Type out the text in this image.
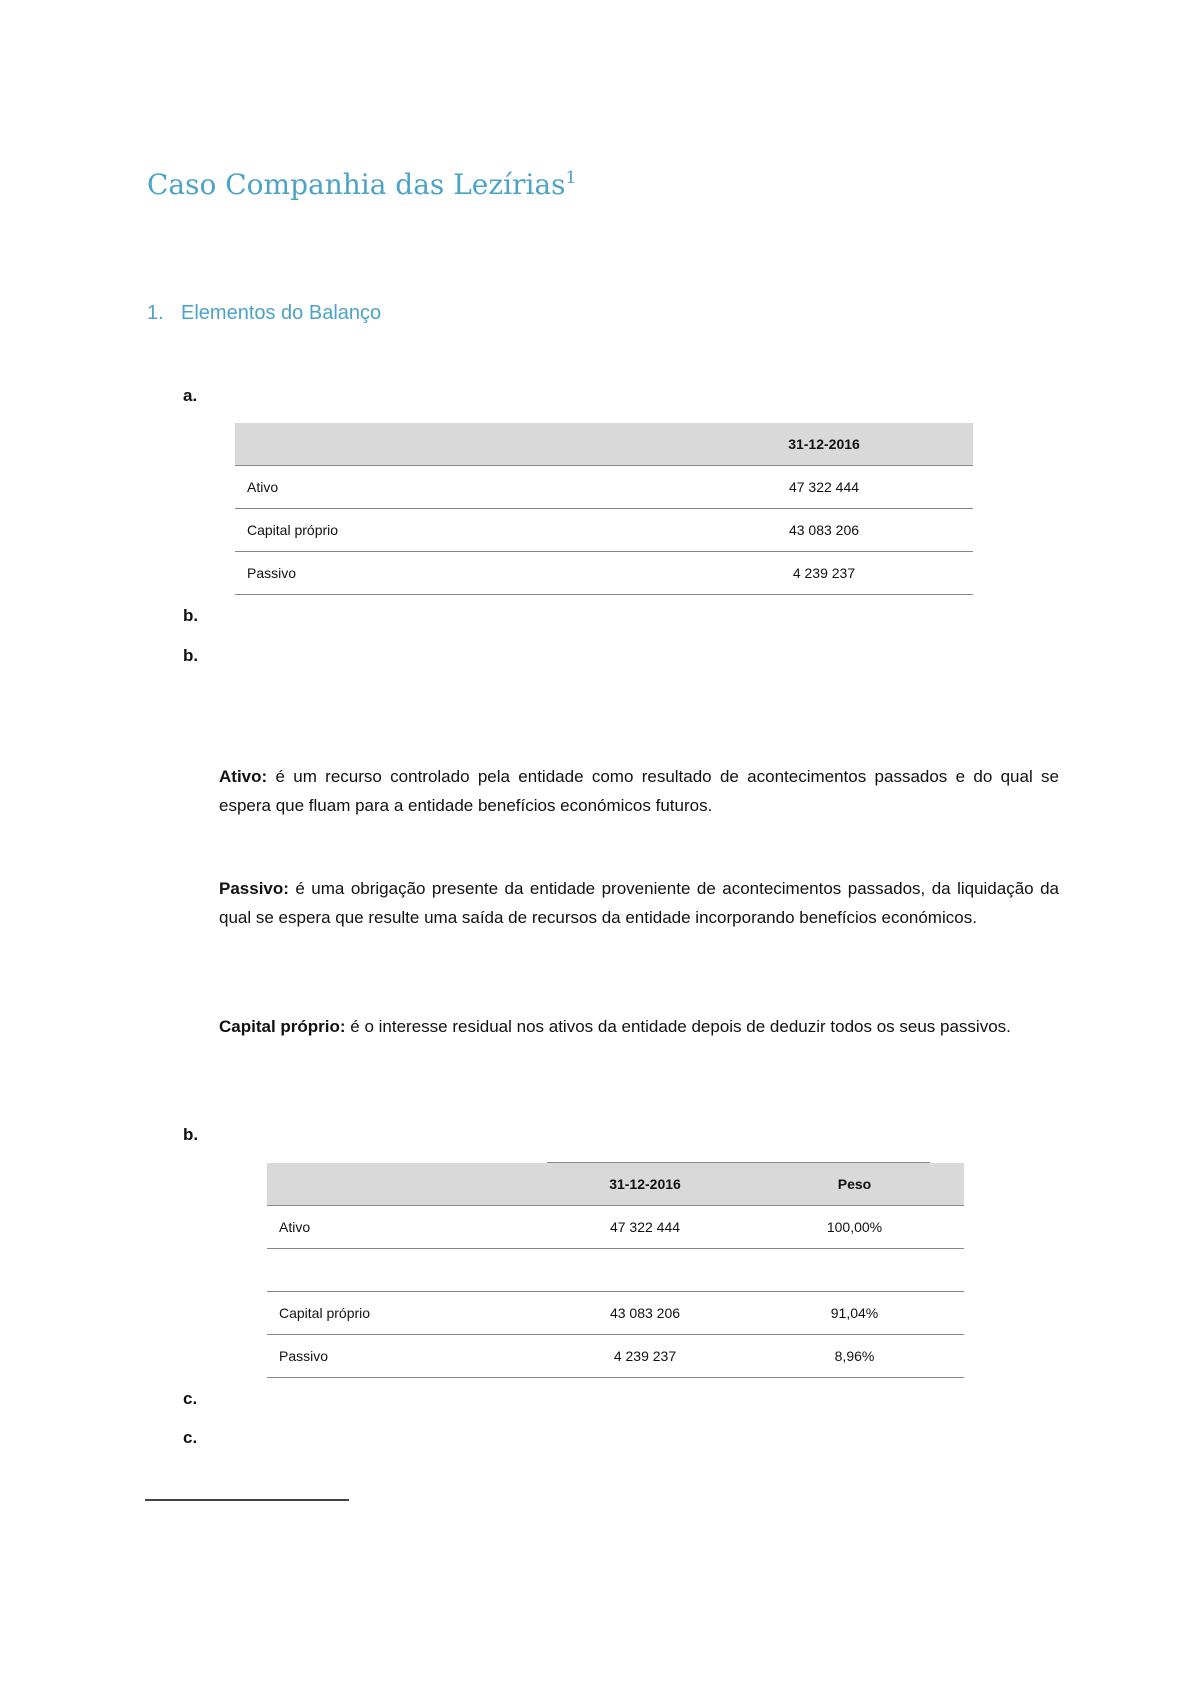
Caso Companhia das Lezírias$^1$
1. Elementos do Balanço
a.
	31-12-2016
Ativo	47 322 444
Capital próprio	43 083 206
Passivo	4 239 237
b.
b.
Ativo: é um recurso controlado pela entidade como resultado de acontecimentos passados e do qual se espera que fluam para a entidade benefícios económicos futuros.
Passivo: é uma obrigação presente da entidade proveniente de acontecimentos passados, da liquidação da qual se espera que resulte uma saída de recursos da entidade incorporando benefícios económicos.
Capital próprio: é o interesse residual nos ativos da entidade depois de deduzir todos os seus passivos.
b.
	31-12-2016	Peso
Ativo	47 322 444	100,00%

Capital próprio	43 083 206	91,04%
Passivo	4 239 237	8,96%
c.
c.
